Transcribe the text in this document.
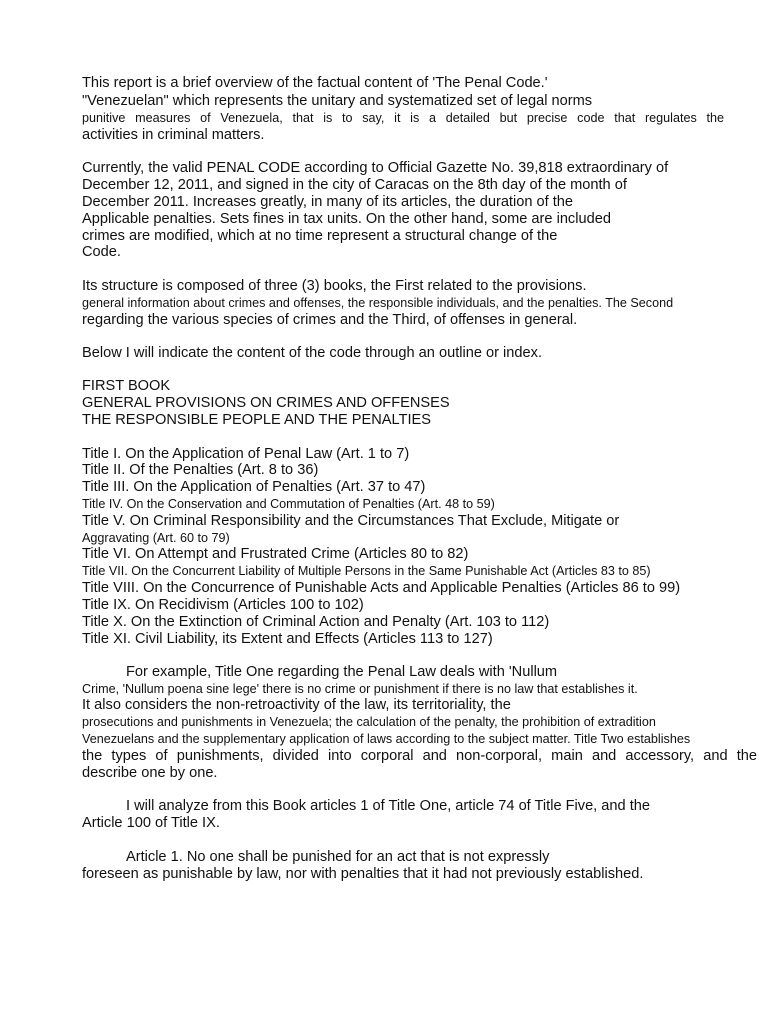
This report is a brief overview of the factual content of 'The Penal Code.'
"Venezuelan" which represents the unitary and systematized set of legal norms
punitive measures of Venezuela, that is to say, it is a detailed but precise code that regulates the
activities in criminal matters.
Currently, the valid PENAL CODE according to Official Gazette No. 39,818 extraordinary of
December 12, 2011, and signed in the city of Caracas on the 8th day of the month of
December 2011. Increases greatly, in many of its articles, the duration of the
Applicable penalties. Sets fines in tax units. On the other hand, some are included
crimes are modified, which at no time represent a structural change of the
Code.
Its structure is composed of three (3) books, the First related to the provisions.
general information about crimes and offenses, the responsible individuals, and the penalties. The Second
regarding the various species of crimes and the Third, of offenses in general.
Below I will indicate the content of the code through an outline or index.
FIRST BOOK
GENERAL PROVISIONS ON CRIMES AND OFFENSES
THE RESPONSIBLE PEOPLE AND THE PENALTIES
Title I. On the Application of Penal Law (Art. 1 to 7)
Title II. Of the Penalties (Art. 8 to 36)
Title III. On the Application of Penalties (Art. 37 to 47)
Title IV. On the Conservation and Commutation of Penalties (Art. 48 to 59)
Title V. On Criminal Responsibility and the Circumstances That Exclude, Mitigate or
Aggravating (Art. 60 to 79)
Title VI. On Attempt and Frustrated Crime (Articles 80 to 82)
Title VII. On the Concurrent Liability of Multiple Persons in the Same Punishable Act (Articles 83 to 85)
Title VIII. On the Concurrence of Punishable Acts and Applicable Penalties (Articles 86 to 99)
Title IX. On Recidivism (Articles 100 to 102)
Title X. On the Extinction of Criminal Action and Penalty (Art. 103 to 112)
Title XI. Civil Liability, its Extent and Effects (Articles 113 to 127)
For example, Title One regarding the Penal Law deals with 'Nullum
Crime, 'Nullum poena sine lege' there is no crime or punishment if there is no law that establishes it.
It also considers the non-retroactivity of the law, its territoriality, the
prosecutions and punishments in Venezuela; the calculation of the penalty, the prohibition of extradition
Venezuelans and the supplementary application of laws according to the subject matter. Title Two establishes
the types of punishments, divided into corporal and non-corporal, main and accessory, and the
describe one by one.
I will analyze from this Book articles 1 of Title One, article 74 of Title Five, and the
Article 100 of Title IX.
Article 1. No one shall be punished for an act that is not expressly
foreseen as punishable by law, nor with penalties that it had not previously established.
